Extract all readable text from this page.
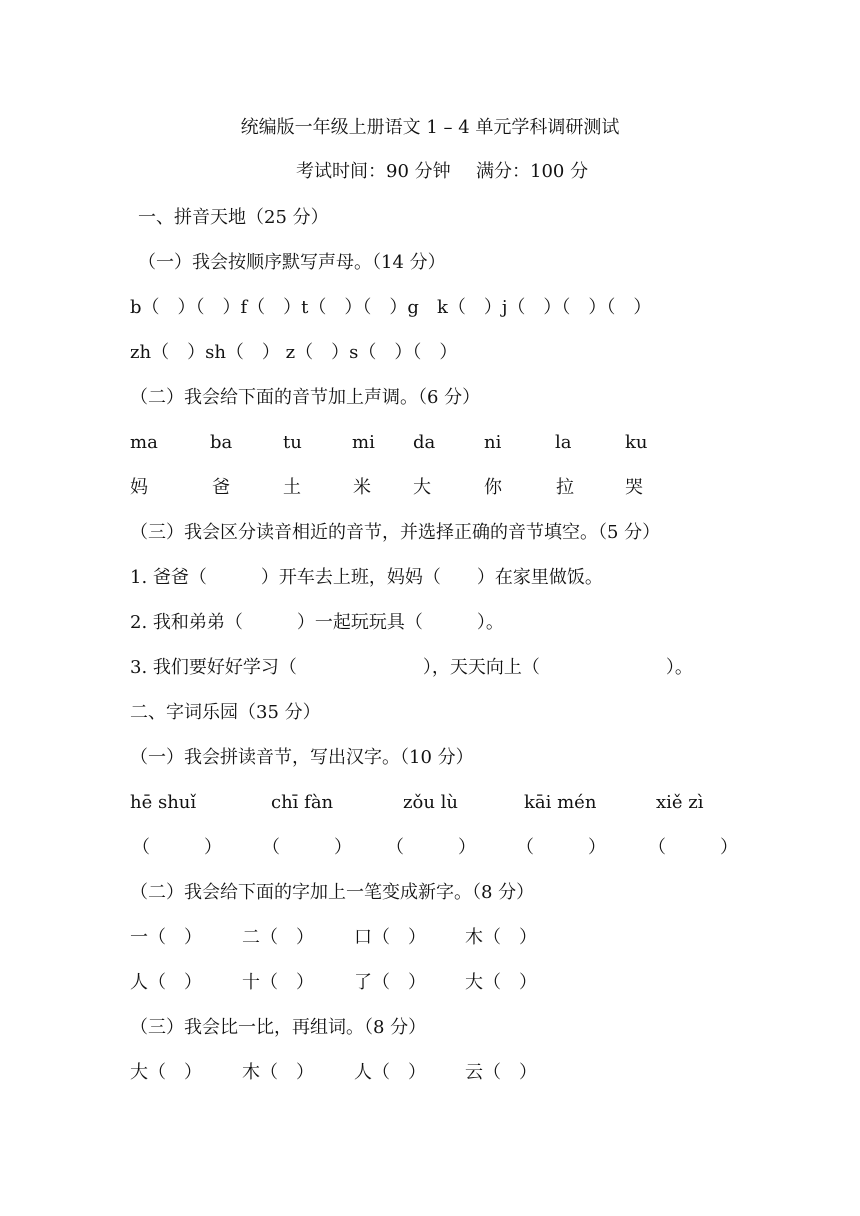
统编版一年级上册语文 1 – 4 单元学科调研测试
考试时间：90 分钟 满分：100 分
一、拼音天地（25 分）
（一）我会按顺序默写声母。（14 分）
b（　）（　）f（　）t（　）（　）g　k（　）j（　）（　）（　）
zh（　）sh（　） z（　）s（　）（　）
（二）我会给下面的音节加上声调。（6 分）
ma	ba	tu	mi da	ni	la	ku
妈	爸	土	米 大	你	拉	哭
（三）我会区分读音相近的音节，并选择正确的音节填空。（5 分）
1. 爸爸（　　　）开车去上班，妈妈（　　）在家里做饭。
2. 我和弟弟（　　　）一起玩玩具（　　　）。
3. 我们要好好学习（　　　　　　　），天天向上（　　　　　　　）。
二、字词乐园（35 分）
（一）我会拼读音节，写出汉字。（10 分）
hē shuǐ	chī fàn	zǒu lù	kāi mén	xiě zì
（　　　） （　　　） （　　　） （　　　） （　　　）
（二）我会给下面的字加上一笔变成新字。（8 分）
一（　） 二（　） 口（　） 木（　）
人（　） 十（　） 了（　） 大（　）
（三）我会比一比，再组词。（8 分）
大（　） 木（　） 人（　） 云（　）
